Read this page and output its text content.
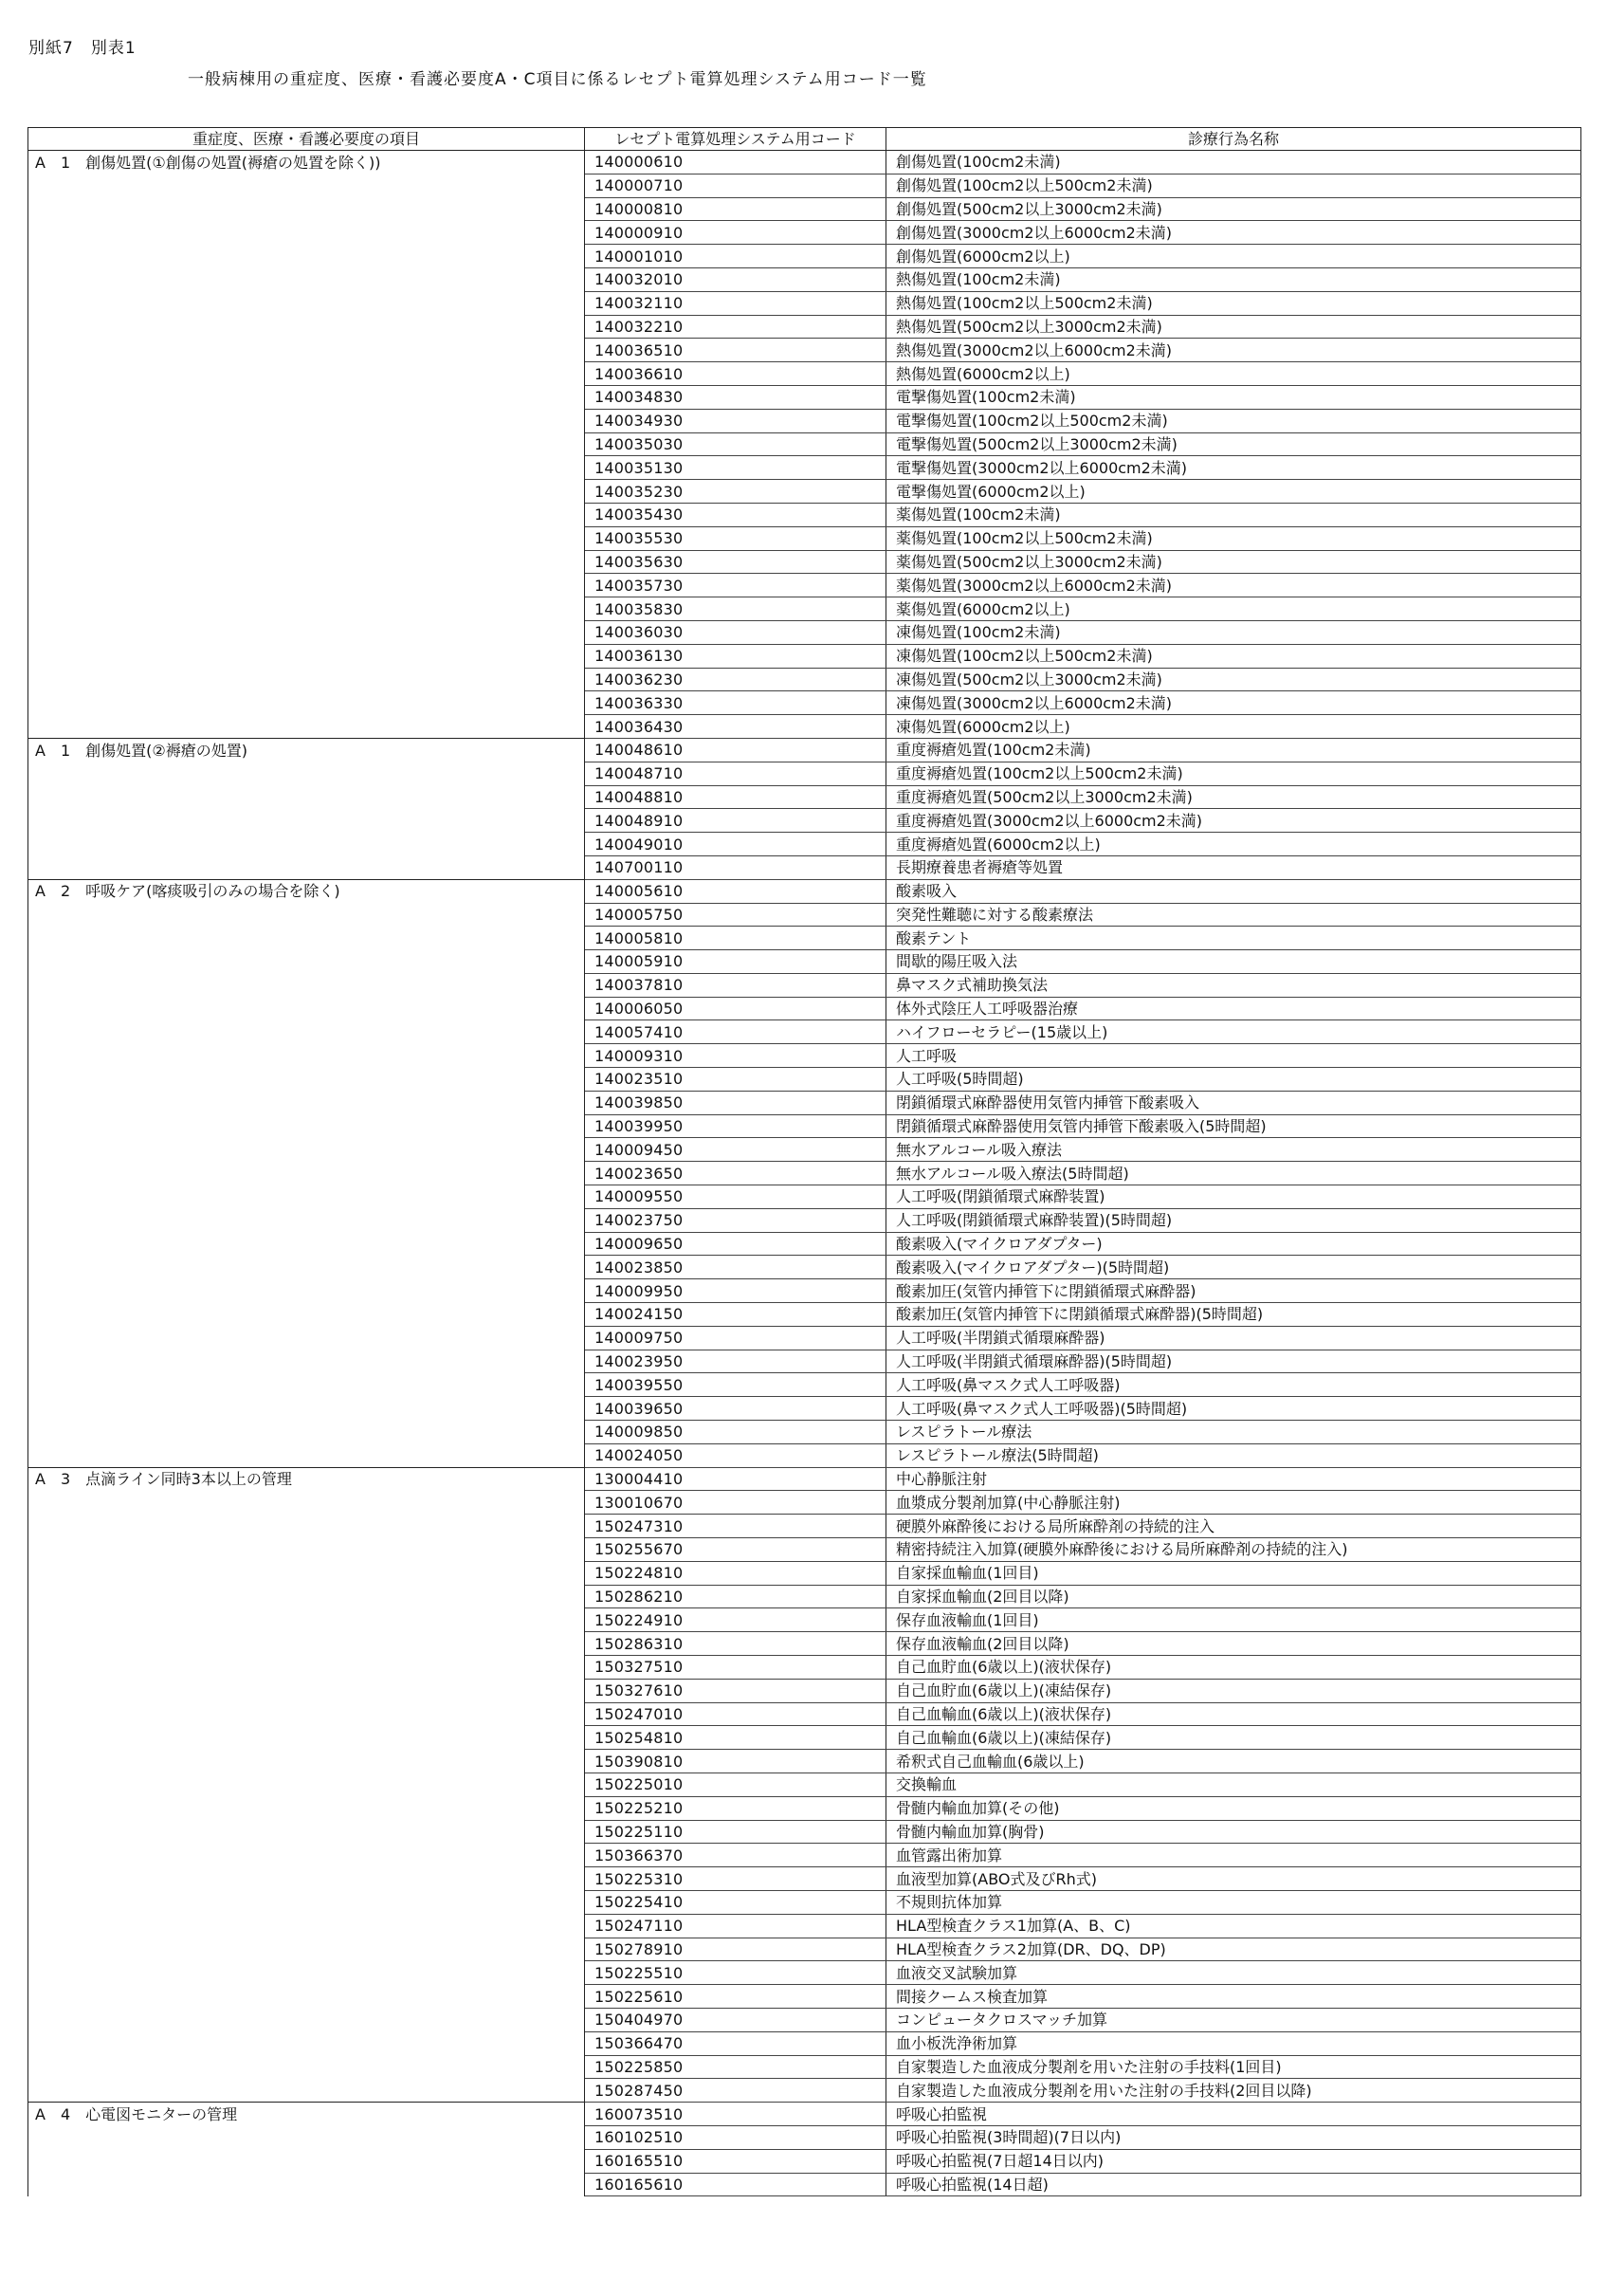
別紙7　別表1
一般病棟用の重症度、医療・看護必要度A・C項目に係るレセプト電算処理システム用コード一覧
重症度、医療・看護必要度の項目	レセプト電算処理システム用コード	診療行為名称
A　1　創傷処置(①創傷の処置(褥瘡の処置を除く))	140000610	創傷処置(100cm2未満)
	140000710	創傷処置(100cm2以上500cm2未満)
	140000810	創傷処置(500cm2以上3000cm2未満)
	140000910	創傷処置(3000cm2以上6000cm2未満)
	140001010	創傷処置(6000cm2以上)
	140032010	熱傷処置(100cm2未満)
	140032110	熱傷処置(100cm2以上500cm2未満)
	140032210	熱傷処置(500cm2以上3000cm2未満)
	140036510	熱傷処置(3000cm2以上6000cm2未満)
	140036610	熱傷処置(6000cm2以上)
	140034830	電撃傷処置(100cm2未満)
	140034930	電撃傷処置(100cm2以上500cm2未満)
	140035030	電撃傷処置(500cm2以上3000cm2未満)
	140035130	電撃傷処置(3000cm2以上6000cm2未満)
	140035230	電撃傷処置(6000cm2以上)
	140035430	薬傷処置(100cm2未満)
	140035530	薬傷処置(100cm2以上500cm2未満)
	140035630	薬傷処置(500cm2以上3000cm2未満)
	140035730	薬傷処置(3000cm2以上6000cm2未満)
	140035830	薬傷処置(6000cm2以上)
	140036030	凍傷処置(100cm2未満)
	140036130	凍傷処置(100cm2以上500cm2未満)
	140036230	凍傷処置(500cm2以上3000cm2未満)
	140036330	凍傷処置(3000cm2以上6000cm2未満)
	140036430	凍傷処置(6000cm2以上)
A　1　創傷処置(②褥瘡の処置)	140048610	重度褥瘡処置(100cm2未満)
	140048710	重度褥瘡処置(100cm2以上500cm2未満)
	140048810	重度褥瘡処置(500cm2以上3000cm2未満)
	140048910	重度褥瘡処置(3000cm2以上6000cm2未満)
	140049010	重度褥瘡処置(6000cm2以上)
	140700110	長期療養患者褥瘡等処置
A　2　呼吸ケア(喀痰吸引のみの場合を除く)	140005610	酸素吸入
	140005750	突発性難聴に対する酸素療法
	140005810	酸素テント
	140005910	間歇的陽圧吸入法
	140037810	鼻マスク式補助換気法
	140006050	体外式陰圧人工呼吸器治療
	140057410	ハイフローセラピー(15歳以上)
	140009310	人工呼吸
	140023510	人工呼吸(5時間超)
	140039850	閉鎖循環式麻酔器使用気管内挿管下酸素吸入
	140039950	閉鎖循環式麻酔器使用気管内挿管下酸素吸入(5時間超)
	140009450	無水アルコール吸入療法
	140023650	無水アルコール吸入療法(5時間超)
	140009550	人工呼吸(閉鎖循環式麻酔装置)
	140023750	人工呼吸(閉鎖循環式麻酔装置)(5時間超)
	140009650	酸素吸入(マイクロアダプター)
	140023850	酸素吸入(マイクロアダプター)(5時間超)
	140009950	酸素加圧(気管内挿管下に閉鎖循環式麻酔器)
	140024150	酸素加圧(気管内挿管下に閉鎖循環式麻酔器)(5時間超)
	140009750	人工呼吸(半閉鎖式循環麻酔器)
	140023950	人工呼吸(半閉鎖式循環麻酔器)(5時間超)
	140039550	人工呼吸(鼻マスク式人工呼吸器)
	140039650	人工呼吸(鼻マスク式人工呼吸器)(5時間超)
	140009850	レスピラトール療法
	140024050	レスピラトール療法(5時間超)
A　3　点滴ライン同時3本以上の管理	130004410	中心静脈注射
	130010670	血漿成分製剤加算(中心静脈注射)
	150247310	硬膜外麻酔後における局所麻酔剤の持続的注入
	150255670	精密持続注入加算(硬膜外麻酔後における局所麻酔剤の持続的注入)
	150224810	自家採血輸血(1回目)
	150286210	自家採血輸血(2回目以降)
	150224910	保存血液輸血(1回目)
	150286310	保存血液輸血(2回目以降)
	150327510	自己血貯血(6歳以上)(液状保存)
	150327610	自己血貯血(6歳以上)(凍結保存)
	150247010	自己血輸血(6歳以上)(液状保存)
	150254810	自己血輸血(6歳以上)(凍結保存)
	150390810	希釈式自己血輸血(6歳以上)
	150225010	交換輸血
	150225210	骨髄内輸血加算(その他)
	150225110	骨髄内輸血加算(胸骨)
	150366370	血管露出術加算
	150225310	血液型加算(ABO式及びRh式)
	150225410	不規則抗体加算
	150247110	HLA型検査クラス1加算(A、B、C)
	150278910	HLA型検査クラス2加算(DR、DQ、DP)
	150225510	血液交叉試験加算
	150225610	間接クームス検査加算
	150404970	コンピュータクロスマッチ加算
	150366470	血小板洗浄術加算
	150225850	自家製造した血液成分製剤を用いた注射の手技料(1回目)
	150287450	自家製造した血液成分製剤を用いた注射の手技料(2回目以降)
A　4　心電図モニターの管理	160073510	呼吸心拍監視
	160102510	呼吸心拍監視(3時間超)(7日以内)
	160165510	呼吸心拍監視(7日超14日以内)
	160165610	呼吸心拍監視(14日超)
